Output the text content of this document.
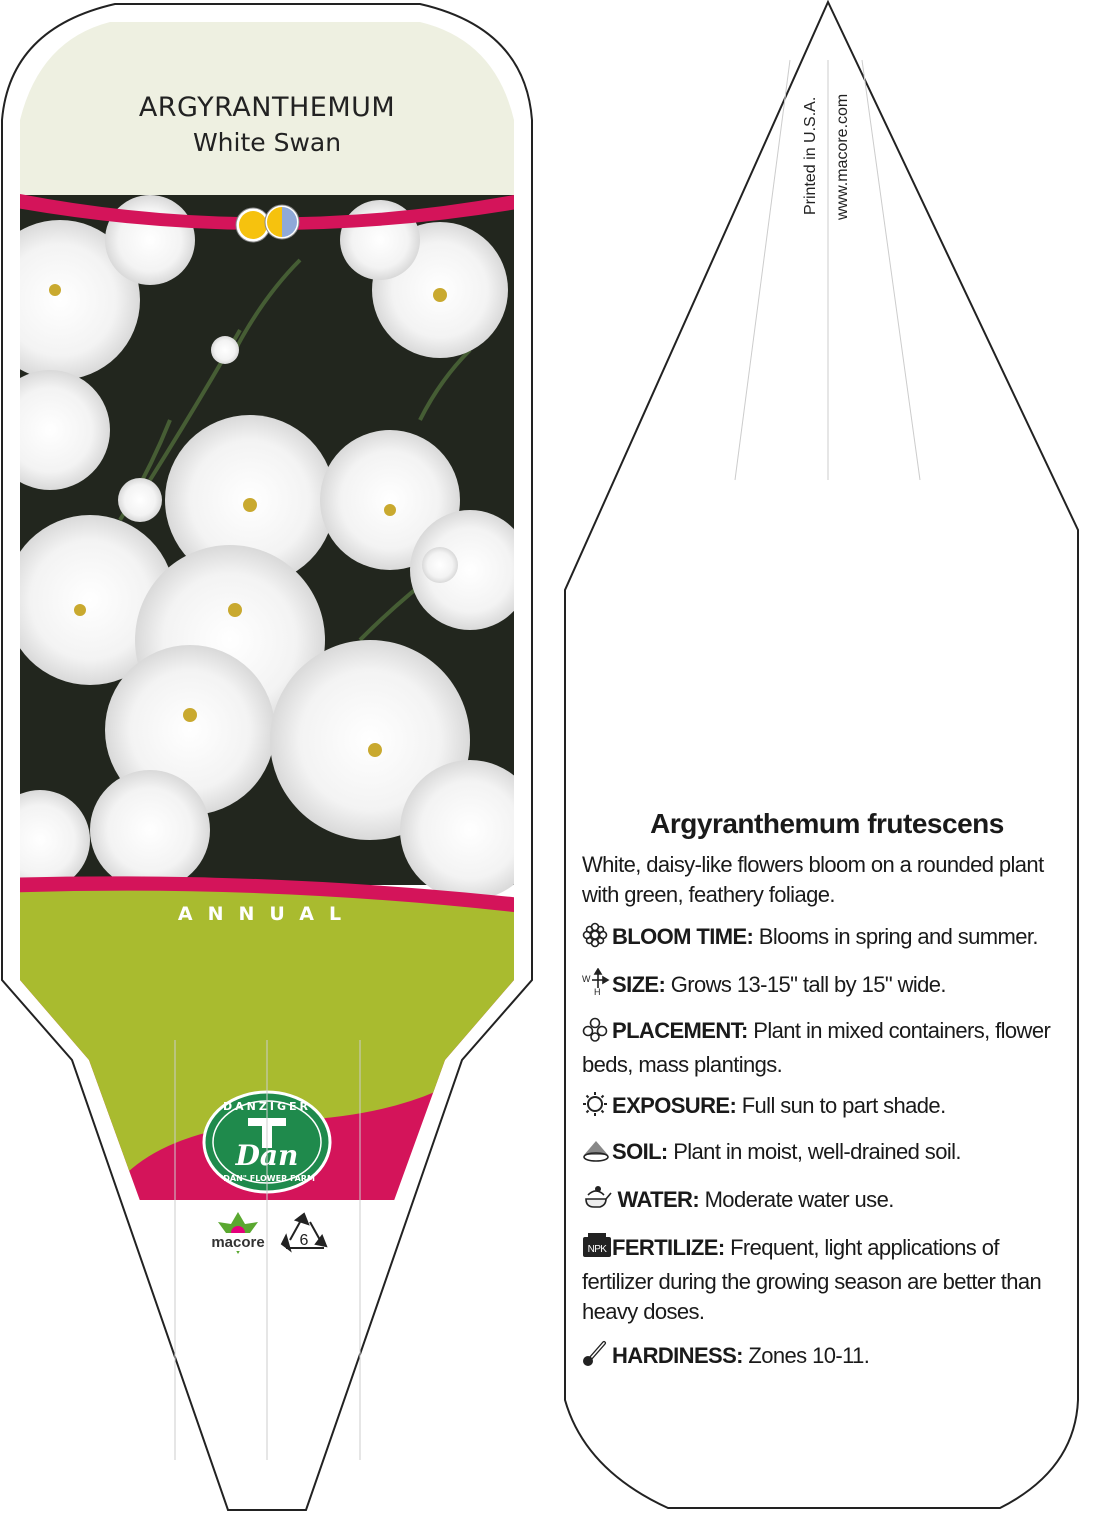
DANZIGER
Dan
"DAN" FLOWER FARM
macore 6
ARGYRANTHEMUM
White Swan
ANNUAL
Printed in U.S.A. www.macore.com
Argyranthemum frutescens

White, daisy-like flowers bloom on a rounded plant with green, feathery foliage.

BLOOM TIME: Blooms in spring and summer.

W
H SIZE: Grows 13-15" tall by 15" wide.

PLACEMENT: Plant in mixed containers, flower beds, mass plantings.

EXPOSURE: Full sun to part shade.

SOIL: Plant in moist, well-drained soil.

WATER: Moderate water use.

NPK FERTILIZE: Frequent, light applications of fertilizer during the growing season are better than heavy doses.

HARDINESS: Zones 10-11.
